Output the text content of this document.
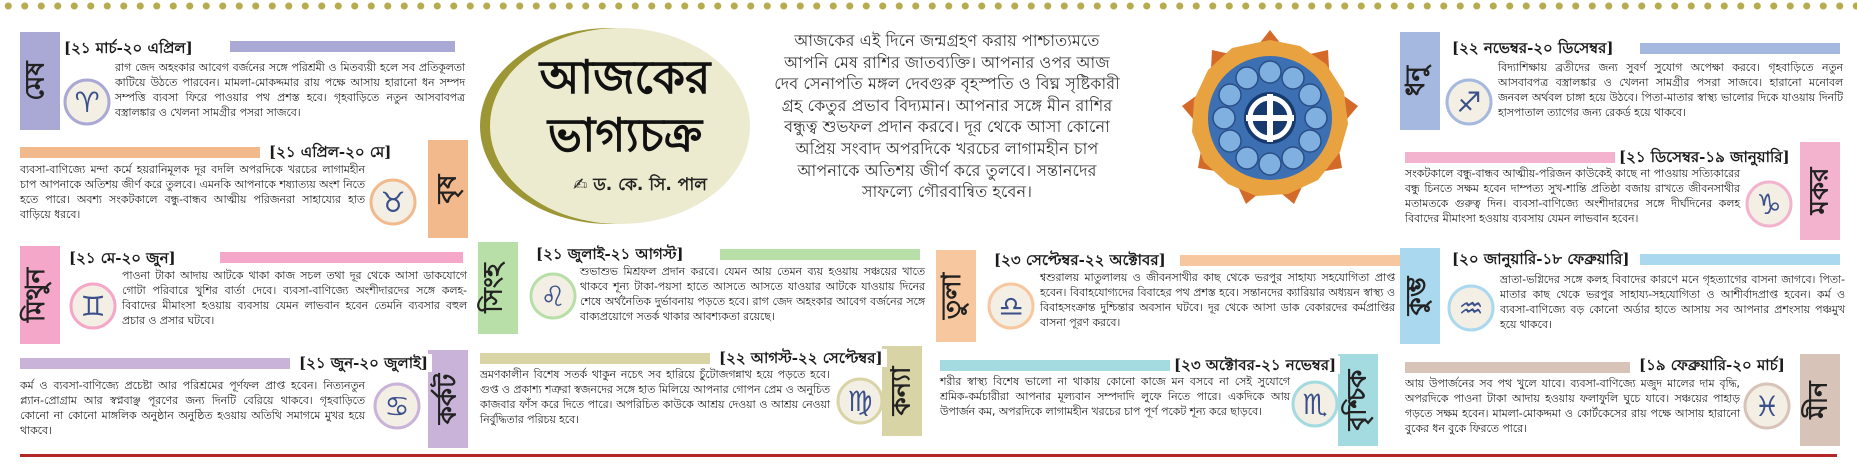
আজকের
ভাগ্যচক্র
✍ ড. কে. সি. পাল
আজকের এই দিনে জন্মগ্রহণ করায় পাশ্চাত্যমতে আপনি মেষ রাশির জাতব্যক্তি। আপনার ওপর আজ দেব সেনাপতি মঙ্গল দেবগুরু বৃহস্পতি ও বিঘ্ন সৃষ্টিকারী গ্রহ কেতুর প্রভাব বিদ্যমান। আপনার সঙ্গে মীন রাশির বন্ধুত্ব শুভফল প্রদান করবে। দূর থেকে আসা কোনো অপ্রিয় সংবাদ অপরদিকে খরচের লাগামহীন চাপ আপনাকে অতিশয় জীর্ণ করে তুলবে। সন্তানদের সাফল্যে গৌরবান্বিত হবেন।
মেষ
[২১ মার্চ-২০ এপ্রিল]
♈
রাগ জেদ অহংকার আবেগ বর্জনের সঙ্গে পরিশ্রমী ও মিতব্যয়ী হলে সব প্রতিকূলতা কাটিয়ে উঠতে পারবেন। মামলা-মোকদ্দমার রায় পক্ষে আসায় হারানো ধন সম্পদ সম্পত্তি ব্যবসা ফিরে পাওয়ার পথ প্রশস্ত হবে। গৃহবাড়িতে নতুন আসবাবপত্র বস্ত্রালঙ্কার ও খেলনা সামগ্রীর পসরা সাজবে।
বৃষ
[২১ এপ্রিল-২০ মে]
♉
ব্যবসা-বাণিজ্যে মন্দা কর্মে হয়রানিমূলক দূর বদলি অপরদিকে খরচের লাগামহীন চাপ আপনাকে অতিশয় জীর্ণ করে তুলবে। এমনকি আপনাকে শষ্যাত্যয় অংশ নিতে হতে পারে। অবশ্য সংকটকালে বন্ধু-বান্ধব আত্মীয় পরিজনরা সাহায্যের হাত বাড়িয়ে ধরবে।
মিথুন
[২১ মে-২০ জুন]
♊
পাওনা টাকা আদায় আটকে থাকা কাজ সচল তথা দূর থেকে আসা ডাকযোগে গোটা পরিবারে খুশির বার্তা দেবে। ব্যবসা-বাণিজ্যে অংশীদারদের সঙ্গে কলহ-বিবাদের মীমাংসা হওয়ায় ব্যবসায় যেমন লাভবান হবেন তেমনি ব্যবসার বহুল প্রচার ও প্রসার ঘটবে।
কর্কট
[২১ জুন-২০ জুলাই]
♋
কর্ম ও ব্যবসা-বাণিজ্যে প্রচেষ্টা আর পরিশ্রমের পূর্ণফল প্রাপ্ত হবেন। নিত্যনতুন প্ল্যান-প্রোগ্রাম আর স্বপ্নবাঞ্ছ পূরণের জন্য দিনটি বেরিয়ে থাকবে। গৃহবাড়িতে কোনো না কোনো মাঙ্গলিক অনুষ্ঠান অনুষ্ঠিত হওয়ায় অতিথি সমাগমে মুখর হয়ে থাকবে।
সিংহ
[২১ জুলাই-২১ আগস্ট]
♌
শুভাশুভ মিশ্রফল প্রদান করবে। যেমন আয় তেমন ব্যয় হওয়ায় সঞ্চয়ের খাতে থাকবে শূন্য টাকা-পয়সা হাতে আসতে আসতে যাওয়ার আটকে যাওয়ায় দিনের শেষে অর্থনৈতিক দুর্ভাবনায় পড়তে হবে। রাগ জেদ অহংকার আবেগ বর্জনের সঙ্গে বাক্যপ্রয়োগে সতর্ক থাকার আবশ্যকতা রয়েছে।
কন্যা
[২২ আগস্ট-২২ সেপ্টেম্বর]
♍
ভ্রমণকালীন বিশেষ সতর্ক থাকুন নচেৎ সব হারিয়ে চুঁটোজগন্নাথ হয়ে পড়তে হবে। গুপ্ত ও প্রকাশ্য শত্রুরা স্বজনদের সঙ্গে হাত মিলিয়ে আপনার গোপন প্রেম ও অনুচিত কাজবার ফাঁস করে দিতে পারে। অপরিচিত কাউকে আশ্রয় দেওয়া ও আশ্রয় নেওয়া নির্বুদ্ধিতার পরিচয় হবে।
তুলা
[২৩ সেপ্টেম্বর-২২ অক্টোবর]
♎
শ্বশুরালয় মাতুলালয় ও জীবনসাথীর কাছ থেকে ভরপুর সাহায্য সহযোগিতা প্রাপ্ত হবেন। বিবাহযোগ্যদের বিবাহের পথ প্রশস্ত হবে। সন্তানদের ক্যারিয়ার অধ্যয়ন স্বাস্থ্য ও বিবাহসংক্রান্ত দুশ্চিন্তার অবসান ঘটবে। দূর থেকে আসা ডাক বেকারদের কর্মপ্রাপ্তির বাসনা পূরণ করবে।
বৃশ্চিক
[২৩ অক্টোবর-২১ নভেম্বর]
♏
শরীর স্বাস্থ্য বিশেষ ভালো না থাকায় কোনো কাজে মন বসবে না সেই সুযোগে শ্রমিক-কর্মচারীরা আপনার মূল্যবান সম্পদাদি লুফে নিতে পারে। একদিকে আয় উপার্জন কম, অপরদিকে লাগামহীন খরচের চাপ পূর্ণ পকেট শূন্য করে ছাড়বে।
ধনু
[২২ নভেম্বর-২০ ডিসেম্বর]
♐
বিদ্যাশিক্ষায় ব্রতীদের জন্য সুবর্ণ সুযোগ অপেক্ষা করবে। গৃহবাড়িতে নতুন আসবাবপত্র বস্ত্রালঙ্কার ও খেলনা সামগ্রীর পসরা সাজবে। হারানো মনোবল জনবল অর্থবল চাঙ্গা হয়ে উঠবে। পিতা-মাতার স্বাস্থ্য ভালোর দিকে যাওয়ায় দিনটি হাসপাতাল ত্যাগের জন্য রেকর্ড হয়ে থাকবে।
মকর
[২১ ডিসেম্বর-১৯ জানুয়ারি]
♑
সংকটকালে বন্ধু-বান্ধব আত্মীয়-পরিজন কাউকেই কাছে না পাওয়ায় সত্যিকারের বন্ধু চিনতে সক্ষম হবেন দাম্পত্য সুখ-শান্তি প্রতিষ্ঠা বজায় রাখতে জীবনসাথীর মতামতকে গুরুত্ব দিন। ব্যবসা-বাণিজ্যে অংশীদারদের সঙ্গে দীর্ঘদিনের কলহ বিবাদের মীমাংসা হওয়ায় ব্যবসায় যেমন লাভবান হবেন।
কুম্ভ
[২০ জানুয়ারি-১৮ ফেব্রুয়ারি]
♒
ভ্রাতা-ভগ্নিদের সঙ্গে কলহ বিবাদের কারণে মনে গৃহত্যাগের বাসনা জাগবে। পিতা-মাতার কাছ থেকে ভরপুর সাহায্য-সহযোগিতা ও আশীর্বাদপ্রাপ্ত হবেন। কর্ম ও ব্যবসা-বাণিজ্যে বড় কোনো অর্ডার হাতে আসায় সব আপনার প্রশংসায় পঞ্চমুখ হয়ে থাকবে।
মীন
[১৯ ফেব্রুয়ারি-২০ মার্চ]
♓
আয় উপার্জনের সব পথ খুলে যাবে। ব্যবসা-বাণিজ্যে মজুদ মালের দাম বৃদ্ধি, অপরদিকে পাওনা টাকা আদায় হওয়ায় ফলাফুলি ঘুচে যাবে। সঞ্চয়ের পাহাড় গড়তে সক্ষম হবেন। মামলা-মোকদ্দমা ও কোর্টকেসের রায় পক্ষে আসায় হারানো বুকের ধন বুকে ফিরতে পারে।
